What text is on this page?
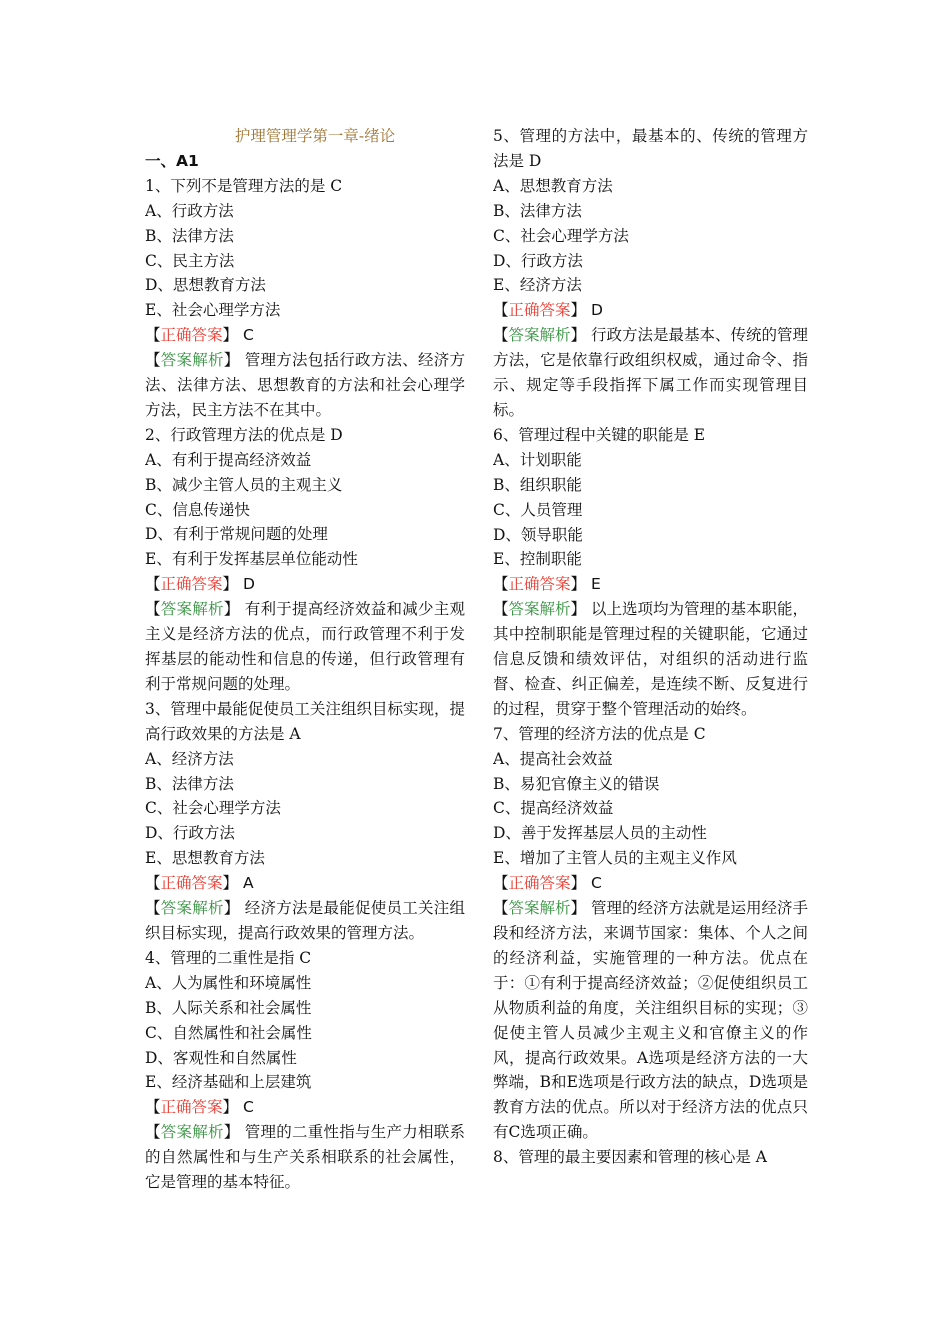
护理管理学第一章-绪论
一、A1
1、下列不是管理方法的是 C
A、行政方法
B、法律方法
C、民主方法
D、思想教育方法
E、社会心理学方法
【正确答案】 C
【答案解析】 管理方法包括行政方法、经济方法、法律方法、思想教育的方法和社会心理学方法，民主方法不在其中。
2、行政管理方法的优点是 D
A、有利于提高经济效益
B、减少主管人员的主观主义
C、信息传递快
D、有利于常规问题的处理
E、有利于发挥基层单位能动性
【正确答案】 D
【答案解析】 有利于提高经济效益和减少主观主义是经济方法的优点，而行政管理不利于发挥基层的能动性和信息的传递，但行政管理有利于常规问题的处理。
3、管理中最能促使员工关注组织目标实现，提高行政效果的方法是 A
A、经济方法
B、法律方法
C、社会心理学方法
D、行政方法
E、思想教育方法
【正确答案】 A
【答案解析】 经济方法是最能促使员工关注组织目标实现，提高行政效果的管理方法。
4、管理的二重性是指 C
A、人为属性和环境属性
B、人际关系和社会属性
C、自然属性和社会属性
D、客观性和自然属性
E、经济基础和上层建筑
【正确答案】 C
【答案解析】 管理的二重性指与生产力相联系的自然属性和与生产关系相联系的社会属性，它是管理的基本特征。
5、管理的方法中，最基本的、传统的管理方法是 D
A、思想教育方法
B、法律方法
C、社会心理学方法
D、行政方法
E、经济方法
【正确答案】 D
【答案解析】 行政方法是最基本、传统的管理方法，它是依靠行政组织权威，通过命令、指示、规定等手段指挥下属工作而实现管理目标。
6、管理过程中关键的职能是 E
A、计划职能
B、组织职能
C、人员管理
D、领导职能
E、控制职能
【正确答案】 E
【答案解析】 以上选项均为管理的基本职能，其中控制职能是管理过程的关键职能，它通过信息反馈和绩效评估，对组织的活动进行监督、检查、纠正偏差，是连续不断、反复进行的过程，贯穿于整个管理活动的始终。
7、管理的经济方法的优点是 C
A、提高社会效益
B、易犯官僚主义的错误
C、提高经济效益
D、善于发挥基层人员的主动性
E、增加了主管人员的主观主义作风
【正确答案】 C
【答案解析】 管理的经济方法就是运用经济手段和经济方法，来调节国家：集体、个人之间的经济利益，实施管理的一种方法。优点在于：①有利于提高经济效益；②促使组织员工从物质利益的角度，关注组织目标的实现；③促使主管人员减少主观主义和官僚主义的作风，提高行政效果。A选项是经济方法的一大弊端，B和E选项是行政方法的缺点，D选项是教育方法的优点。所以对于经济方法的优点只有C选项正确。
8、管理的最主要因素和管理的核心是 A
